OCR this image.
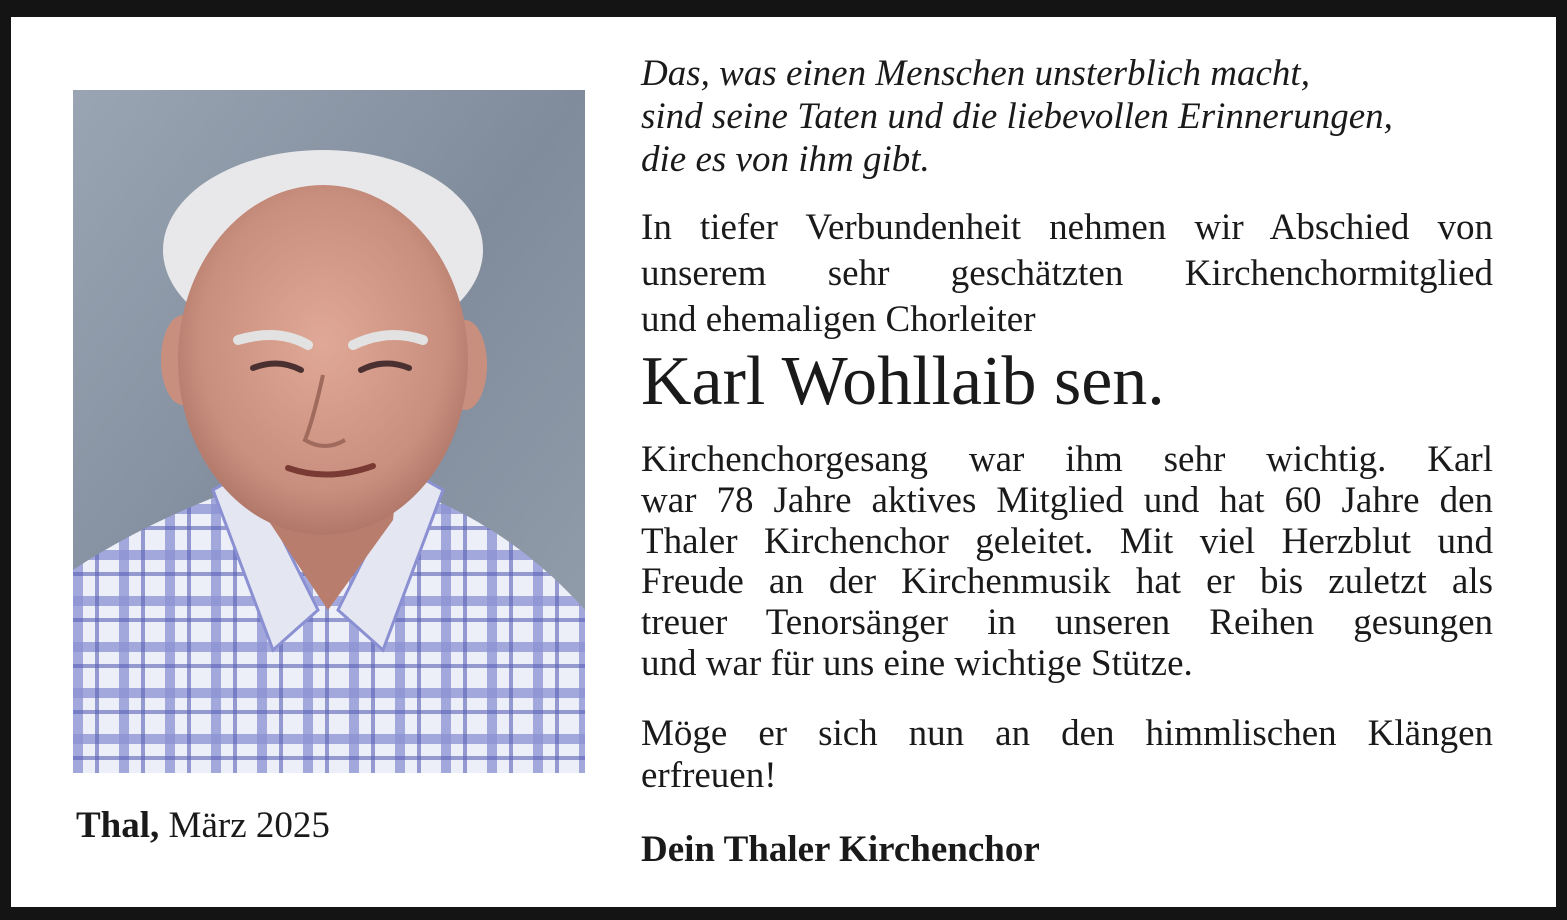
Thal, März 2025
Das, was einen Menschen unsterblich macht,
sind seine Taten und die liebevollen Erinnerungen,
die es von ihm gibt.
In tiefer Verbundenheit nehmen wir Abschied von
unserem sehr geschätzten Kirchenchormitglied
und ehemaligen Chorleiter
Karl Wohllaib sen.
Kirchenchorgesang war ihm sehr wichtig. Karl
war 78 Jahre aktives Mitglied und hat 60 Jahre den
Thaler Kirchenchor geleitet. Mit viel Herzblut und
Freude an der Kirchenmusik hat er bis zuletzt als
treuer Tenorsänger in unseren Reihen gesungen
und war für uns eine wichtige Stütze.
Möge er sich nun an den himmlischen Klängen
erfreuen!
Dein Thaler Kirchenchor
